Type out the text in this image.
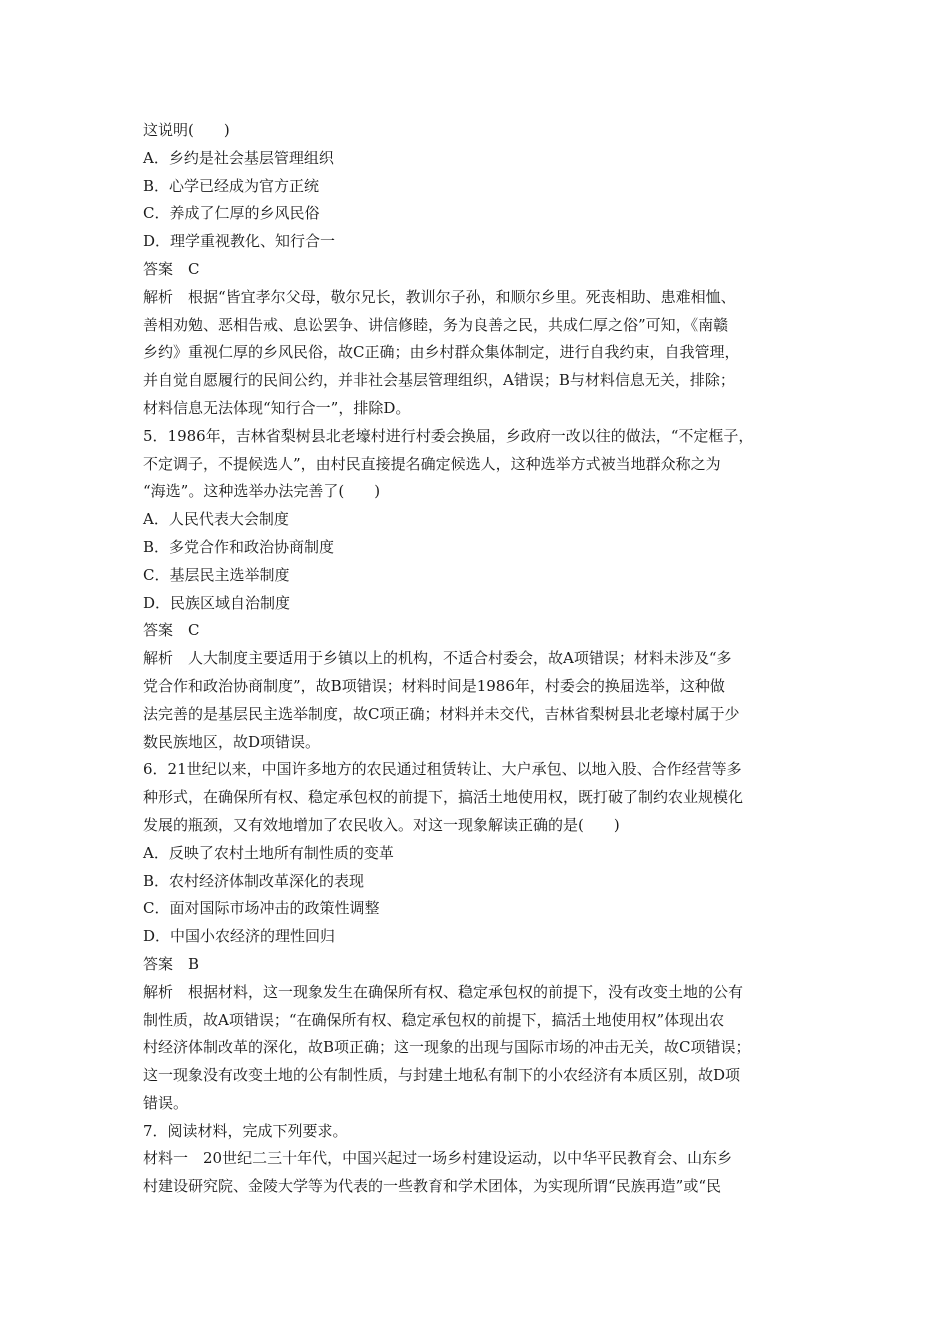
这说明(　　)
A．乡约是社会基层管理组织
B．心学已经成为官方正统
C．养成了仁厚的乡风民俗
D．理学重视教化、知行合一
答案　C
解析　根据“皆宜孝尔父母，敬尔兄长，教训尔子孙，和顺尔乡里。死丧相助、患难相恤、
善相劝勉、恶相告戒、息讼罢争、讲信修睦，务为良善之民，共成仁厚之俗”可知，《南赣
乡约》重视仁厚的乡风民俗，故C正确；由乡村群众集体制定，进行自我约束，自我管理，
并自觉自愿履行的民间公约，并非社会基层管理组织，A错误；B与材料信息无关，排除；
材料信息无法体现“知行合一”，排除D。
5．1986年，吉林省梨树县北老壕村进行村委会换届，乡政府一改以往的做法，“不定框子，
不定调子，不提候选人”，由村民直接提名确定候选人，这种选举方式被当地群众称之为
“海选”。这种选举办法完善了(　　)
A．人民代表大会制度
B．多党合作和政治协商制度
C．基层民主选举制度
D．民族区域自治制度
答案　C
解析　人大制度主要适用于乡镇以上的机构，不适合村委会，故A项错误；材料未涉及“多
党合作和政治协商制度”，故B项错误；材料时间是1986年，村委会的换届选举，这种做
法完善的是基层民主选举制度，故C项正确；材料并未交代，吉林省梨树县北老壕村属于少
数民族地区，故D项错误。
6．21世纪以来，中国许多地方的农民通过租赁转让、大户承包、以地入股、合作经营等多
种形式，在确保所有权、稳定承包权的前提下，搞活土地使用权，既打破了制约农业规模化
发展的瓶颈，又有效地增加了农民收入。对这一现象解读正确的是(　　)
A．反映了农村土地所有制性质的变革
B．农村经济体制改革深化的表现
C．面对国际市场冲击的政策性调整
D．中国小农经济的理性回归
答案　B
解析　根据材料，这一现象发生在确保所有权、稳定承包权的前提下，没有改变土地的公有
制性质，故A项错误；“在确保所有权、稳定承包权的前提下，搞活土地使用权”体现出农
村经济体制改革的深化，故B项正确；这一现象的出现与国际市场的冲击无关，故C项错误；
这一现象没有改变土地的公有制性质，与封建土地私有制下的小农经济有本质区别，故D项
错误。
7．阅读材料，完成下列要求。
材料一　20世纪二三十年代，中国兴起过一场乡村建设运动，以中华平民教育会、山东乡
村建设研究院、金陵大学等为代表的一些教育和学术团体，为实现所谓“民族再造”或“民
